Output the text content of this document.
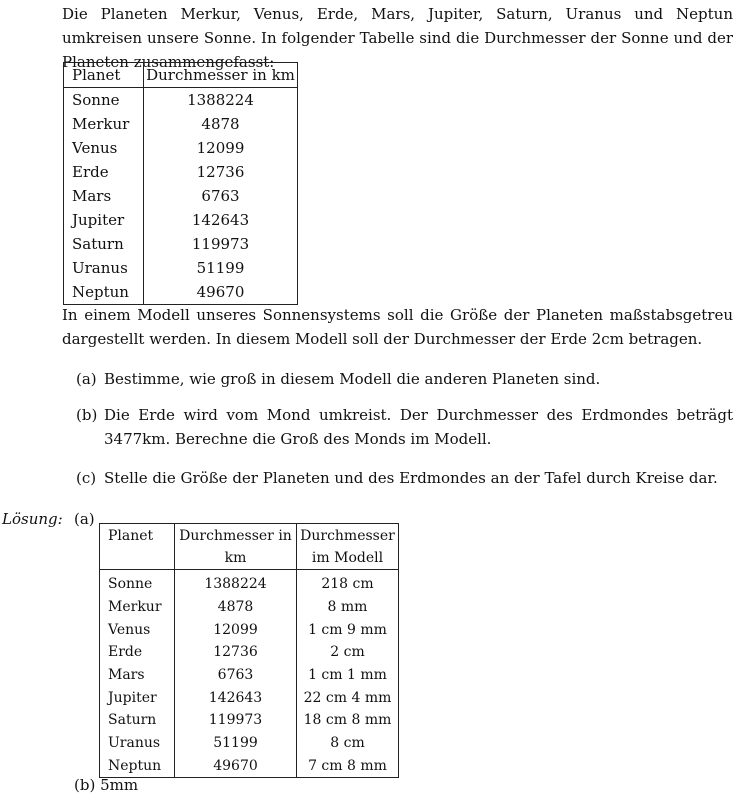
Die Planeten Merkur, Venus, Erde, Mars, Jupiter, Saturn, Uranus und Neptun umkreisen unsere Sonne. In folgender Tabelle sind die Durchmesser der Sonne und der Planeten zusammengefasst:

Planet	Durchmesser in km
Sonne	1388224
Merkur	4878
Venus	12099
Erde	12736
Mars	6763
Jupiter	142643
Saturn	119973
Uranus	51199
Neptun	49670

In einem Modell unseres Sonnensystems soll die Größe der Planeten maßstabsgetreu dargestellt werden. In diesem Modell soll der Durchmesser der Erde 2cm betragen.

(a) Bestimme, wie groß in diesem Modell die anderen Planeten sind.
(b) Die Erde wird vom Mond umkreist. Der Durchmesser des Erdmondes beträgt 3477km. Berechne die Groß des Monds im Modell.
(c) Stelle die Größe der Planeten und des Erdmondes an der Tafel durch Kreise dar.
Lösung: (a)
Planet	Durchmesser in km	Durchmesser im Modell
Sonne	1388224	218 cm
Merkur	4878	8 mm
Venus	12099	1 cm 9 mm
Erde	12736	2 cm
Mars	6763	1 cm 1 mm
Jupiter	142643	22 cm 4 mm
Saturn	119973	18 cm 8 mm
Uranus	51199	8 cm
Neptun	49670	7 cm 8 mm
(b) 5mm
